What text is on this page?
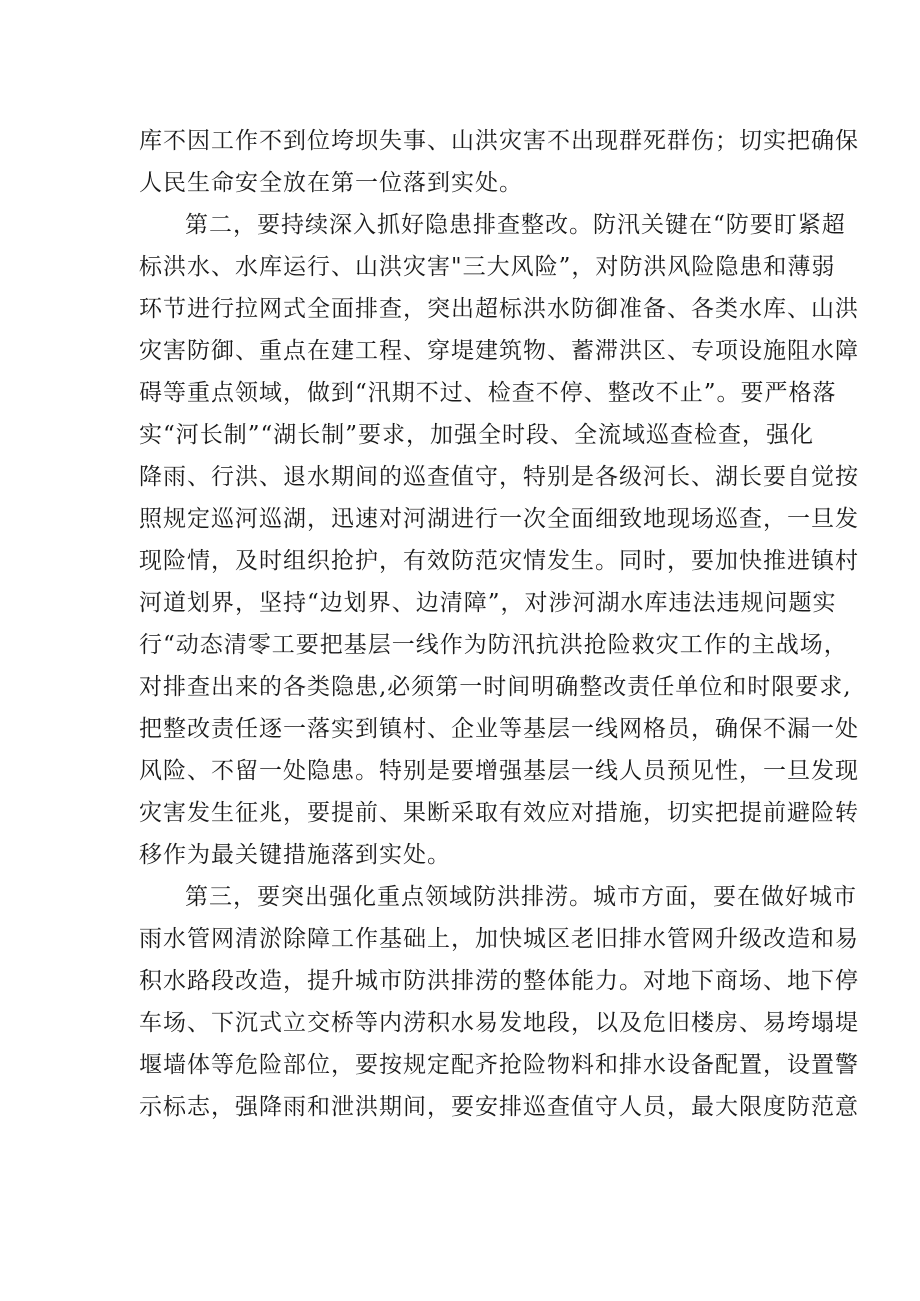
库不因工作不到位垮坝失事、山洪灾害不出现群死群伤；切实把确保
人民生命安全放在第一位落到实处。
第二，要持续深入抓好隐患排查整改。防汛关键在“防要盯紧超
标洪水、水库运行、山洪灾害"三大风险”，对防洪风险隐患和薄弱
环节进行拉网式全面排查，突出超标洪水防御准备、各类水库、山洪
灾害防御、重点在建工程、穿堤建筑物、蓄滞洪区、专项设施阻水障
碍等重点领域，做到“汛期不过、检查不停、整改不止”。要严格落
实“河长制”“湖长制”要求，加强全时段、全流域巡查检查，强化
降雨、行洪、退水期间的巡查值守，特别是各级河长、湖长要自觉按
照规定巡河巡湖，迅速对河湖进行一次全面细致地现场巡查，一旦发
现险情，及时组织抢护，有效防范灾情发生。同时，要加快推进镇村
河道划界，坚持“边划界、边清障”，对涉河湖水库违法违规问题实
行“动态清零工要把基层一线作为防汛抗洪抢险救灾工作的主战场，
对排查出来的各类隐患,必须第一时间明确整改责任单位和时限要求,
把整改责任逐一落实到镇村、企业等基层一线网格员，确保不漏一处
风险、不留一处隐患。特别是要增强基层一线人员预见性，一旦发现
灾害发生征兆，要提前、果断采取有效应对措施，切实把提前避险转
移作为最关键措施落到实处。
第三，要突出强化重点领域防洪排涝。城市方面，要在做好城市
雨水管网清淤除障工作基础上，加快城区老旧排水管网升级改造和易
积水路段改造，提升城市防洪排涝的整体能力。对地下商场、地下停
车场、下沉式立交桥等内涝积水易发地段，以及危旧楼房、易垮塌堤
堰墙体等危险部位，要按规定配齐抢险物料和排水设备配置，设置警
示标志，强降雨和泄洪期间，要安排巡查值守人员，最大限度防范意
